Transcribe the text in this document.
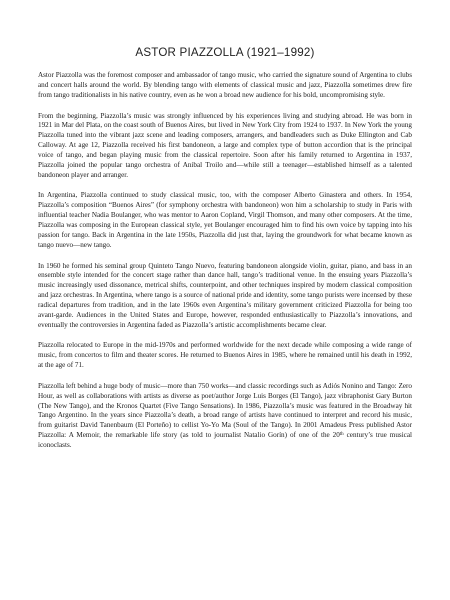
ASTOR PIAZZOLLA (1921–1992)

Astor Piazzolla was the foremost composer and ambassador of tango music, who carried the signature sound of Argentina to clubs and concert halls around the world. By blending tango with elements of classical music and jazz, Piazzolla sometimes drew fire from tango traditionalists in his native country, even as he won a broad new audience for his bold, uncompromising style.

From the beginning, Piazzolla’s music was strongly influenced by his experiences living and studying abroad. He was born in 1921 in Mar del Plata, on the coast south of Buenos Aires, but lived in New York City from 1924 to 1937. In New York the young Piazzolla tuned into the vibrant jazz scene and leading composers, arrangers, and bandleaders such as Duke Ellington and Cab Calloway. At age 12, Piazzolla received his first bandoneon, a large and complex type of button accordion that is the principal voice of tango, and began playing music from the classical repertoire. Soon after his family returned to Argentina in 1937, Piazzolla joined the popular tango orchestra of Anibal Troilo and—while still a teenager—established himself as a talented bandoneon player and arranger.

In Argentina, Piazzolla continued to study classical music, too, with the composer Alberto Ginastera and others. In 1954, Piazzolla’s composition “Buenos Aires” (for symphony orchestra with bandoneon) won him a scholarship to study in Paris with influential teacher Nadia Boulanger, who was mentor to Aaron Copland, Virgil Thomson, and many other composers. At the time, Piazzolla was composing in the European classical style, yet Boulanger encouraged him to find his own voice by tapping into his passion for tango. Back in Argentina in the late 1950s, Piazzolla did just that, laying the groundwork for what became known as tango nuevo—new tango.

In 1960 he formed his seminal group Quinteto Tango Nuevo, featuring bandoneon alongside violin, guitar, piano, and bass in an ensemble style intended for the concert stage rather than dance hall, tango’s traditional venue. In the ensuing years Piazzolla’s music increasingly used dissonance, metrical shifts, counterpoint, and other techniques inspired by modern classical composition and jazz orchestras. In Argentina, where tango is a source of national pride and identity, some tango purists were incensed by these radical departures from tradition, and in the late 1960s even Argentina’s military government criticized Piazzolla for being too avant-garde. Audiences in the United States and Europe, however, responded enthusiastically to Piazzolla’s innovations, and eventually the controversies in Argentina faded as Piazzolla’s artistic accomplishments became clear.

Piazzolla relocated to Europe in the mid-1970s and performed worldwide for the next decade while composing a wide range of music, from concertos to film and theater scores. He returned to Buenos Aires in 1985, where he remained until his death in 1992, at the age of 71.

Piazzolla left behind a huge body of music—more than 750 works—and classic recordings such as Adiós Nonino and Tango: Zero Hour, as well as collaborations with artists as diverse as poet/author Jorge Luis Borges (El Tango), jazz vibraphonist Gary Burton (The New Tango), and the Kronos Quartet (Five Tango Sensations). In 1986, Piazzolla’s music was featured in the Broadway hit Tango Argentino. In the years since Piazzolla’s death, a broad range of artists have continued to interpret and record his music, from guitarist David Tanenbaum (El Porteño) to cellist Yo-Yo Ma (Soul of the Tango). In 2001 Amadeus Press published Astor Piazzolla: A Memoir, the remarkable life story (as told to journalist Natalio Gorín) of one of the 20th century’s true musical iconoclasts.
